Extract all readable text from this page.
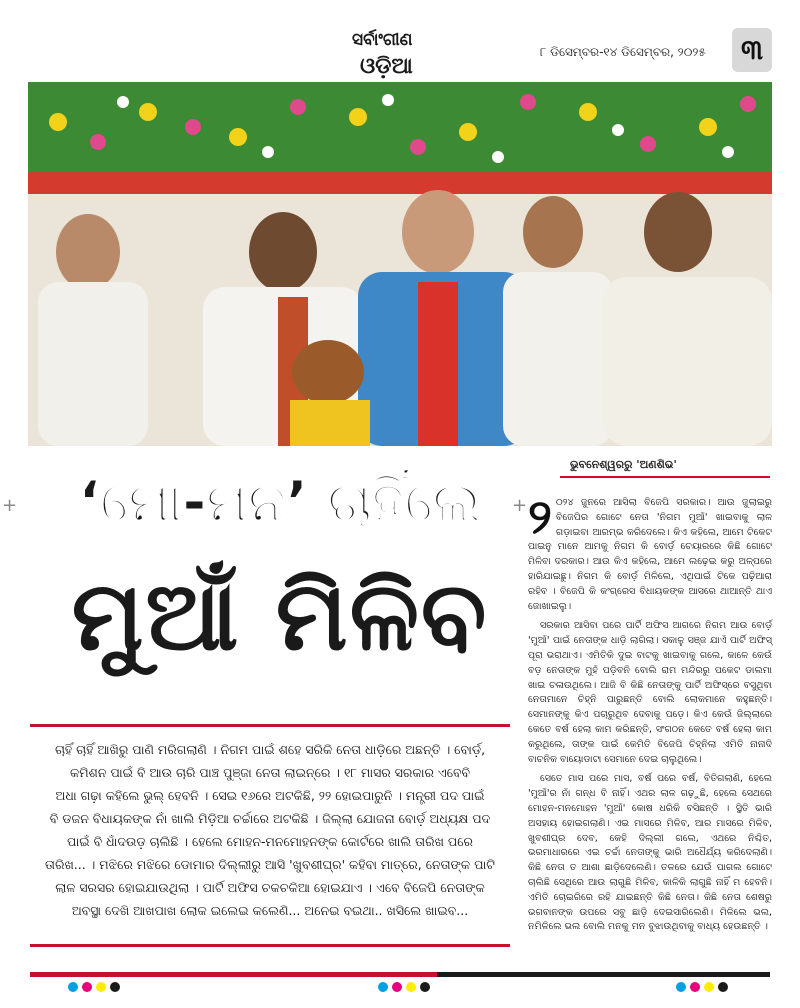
ସର୍ବାଂଗୀଣ
ଓଡ଼ିଆ
୮ ଡିସେମ୍ବର-୧୪ ଡିସେମ୍ବର, ୨୦୨୫	୩
ଭୁବନେଶ୍ୱରରୁ 'ଅଣଶିଭ'
+	+
‘ମୋ-ମନ’ ଚାହିଁଲେ
ମୁଆଁ ମିଳିବ
ଚାହିଁ ଚାହିଁ ଆଖିରୁ ପାଣି ମରିଗଲାଣି । ନିଗମ ପାଇଁ ଶହେ ସରିକି ନେତା ଧାଡ଼ିରେ ଅଛନ୍ତି । ବୋର୍ଡ଼,
କମିଶନ ପାଇଁ ବି ଆଉ ଚାରି ପାଞ୍ଚ ପୁଞ୍ଜା ନେତା ଲାଇନ୍‌ରେ । ୧୮ ମାସର ସରକାର ଏବେବି
ଅଧା ଗଢ଼ା କହିଲେ ଭୁଲ୍ ହେବନି । ସେଇ ୧୬ରେ ଅଟକିଛି, ୨୨ ହୋଇପାରୁନି । ମନ୍ତ୍ରୀ ପଦ ପାଇଁ
ବି ଡଜନ ବିଧାୟକଙ୍କ ନାଁ ଖାଲି ମିଡ଼ିଆ ଚର୍ଚ୍ଚାରେ ଅଟକିଛି । ଜିଲ୍ଲା ଯୋଜନା ବୋର୍ଡ଼ ଅଧ୍ୟକ୍ଷ ପଦ
ପାଇଁ ବି ଧାଁଦଉଡ଼ ଚାଲିଛି । ହେଲେ ମୋହନ-ମନମୋହନଙ୍କ କୋର୍ଟରେ ଖାଲି ତାରିଖ ପରେ
ତାରିଖ... । ମଝିରେ ମଝିରେ ଡୋମାର ଦିଲ୍ଲୀରୁ ଆସି 'ଖୁବଶୀଘ୍ର' କହିବା ମାତ୍ରେ, ନେତାଙ୍କ ପାଟି
ଲାଳ ସରସର ହୋଇଯାଉଥିଲା । ପାର୍ଟି ଅଫିସ ଚକଚକିଆ ହୋଇଯାଏ । ଏବେ ବିଜେପି ନେତାଙ୍କ
ଅବସ୍ଥା ଦେଖି ଆଖପାଖ ଲୋକ ଇଲେଇ କଲେଣି... ଅନେଇ ବଇଥା.. ଖସିଲେ ଖାଇବ...

୨ ୦୨୪ ଜୁନରେ ଆସିଲା ବିଜେପି ସରକାର। ଆଉ ଜୁଲାଇରୁ ବିଜେପିର ଗୋଟେ ନେତା 'ନିଗମ ମୁଆଁ' ଖାଇବାକୁ ଲାଳ ଗଡ଼ାଇବା ଆରମ୍ଭ କରିଦେଲେ। କିଏ କହିଲେ, ଆମେ ଟିକେଟ ପାଇନୁ ମାନେ ଆମକୁ ନିଗମ କି ବୋର୍ଡ଼ ଚେୟାରରେ କିଛି ଗୋଟେ ମିଳିବା ଦରକାର। ଆଉ କିଏ କହିଲେ, ଆମେ ଲଢ଼େଇ କରୁ ଅଳ୍ପରେ ହାରିଯାଇଛୁ। ନିଗମ କି ବୋର୍ଡ଼ ମିଳିଲେ, ଏଥିପାଇଁ ଟିକେ ପଢ଼ିଆରା ରହିବ । ବିଜେପି କି କଂଗ୍ରେସ ବିଧାୟକଙ୍କ ଆସରେ ଥାଆନ୍ତି ଥାଏ ଜୋଖାଇଲୁ।

ସରକାର ଆସିବା ପରେ ପାର୍ଟି ଅଫିସ ଆଗରେ ନିଗମ ଆଉ ବୋର୍ଡ଼ 'ମୁଆଁ' ପାଇଁ ନେତାଙ୍କ ଧାଡ଼ି ଲାଗିଲା। ସକାଳୁ ସଞ୍ଜ ଯାଏଁ ପାର୍ଟି ଅଫିସ୍ ପୂରା ଭରାଥାଏ। ଏମିତିକି ଦୁଇ ବାଟକୁ ଖାଇବାକୁ ଗଲେ, କାଳେ କେଉଁ ବଡ଼ ନେତାଙ୍କ ମୁହଁ ପଡ଼ିବନି ବୋଲି ରାମ ମନ୍ଦିରରୁ ପକେଟ ଡାଲମା ଖାଇ ଚଳାଉଥିଲେ। ଆଜି ବି କିଛି ନେତାଙ୍କୁ ପାର୍ଟି ଅଫିସ୍‌ରେ ବସୁଥିବା ନେତାମାନେ ଚିହ୍ନି ପାରୁଛନ୍ତି ବୋଲି ଲୋକମାନେ କହୁଛନ୍ତି। ସେମାନଙ୍କୁ କିଏ ପଚାରୁଥିବ ଦେବାକୁ ପଡ଼େ। କିଏ କେଉଁ ଜିଲ୍ଲାରେ କେତେ ବର୍ଷ ହେଲା କାମ କରିଛନ୍ତି, ସଂଗଠନ କେତେ ବର୍ଷ ହେଲା କାମ କରୁଥିଲେ, ତାଙ୍କ ପାଇଁ କେମିତି ବିଜେପି ଚିହ୍ନିଲା ଏମିତି ନାନାଦି ବାଚନିକ ବାୟୋଡାଟା ସେମାନେ ଦେଇ ଚାଲୁଥିଲେ।

ସେତେ ମାସ ପରେ ମାସ, ବର୍ଷ ପରେ ବର୍ଷ, ବିତିଗଲାଣି, ହେଲେ 'ମୁଆଁ'ର ନାଁ ଗନ୍ଧ ବି ନାହିଁ। ଏଥର ଲାଳ ଗଢ଼ୁଛି, ହେଲେ ସେଥରେ ମୋହନ-ମନମୋହନ 'ମୁଆଁ' କୋଷ ଧରିକି ବସିଛନ୍ତି । ସ୍ଥିତି ଭାରି ଅସହାୟ ହୋଇଗଲାଣି। ଏଇ ମାସରେ ମିଳିବ, ଆର ମାସରେ ମିଳିବ, ଖୁବଶୀଘ୍ର ଦେବ, କେହି ଦିଲ୍ଲୀ ଗଲେ, ଏଥରେ ନିଶ୍ଚିତ, ଭରମାଧାରରେ ଏଇ ଚର୍ଚ୍ଚା ନେତାଙ୍କୁ ଭାରି ଅଧୈର୍ଯ୍ୟ କରିଦେଲାଣି। କିଛି ନେତା ତ ଆଶା ଛାଡ଼ିଦେଲେଣି। ତଳରେ ଯେଉଁ ପାଗଲ ଗୋଟେ ଚାଲିଛି ସେଥିରେ ଆଉ ଲାଗୁଛି ମିଳିବ, କାଳିକି ଲାଗୁଛି ନାହିଁ ମ ହେବନି। ଏମିତି ଚୋଇରିରେ ରହି ଯାଇଛନ୍ତି କିଛି ନେତା। କିଛି ନେତା ଶେଷରୁ ଭଗବାନଙ୍କ ଉପରେ ସବୁ ଛାଡ଼ି ଦେଇସାରିଲେଣି। ମିଳିଲେ ଭଲ, ନମିଳିଲେ ଭଲ ବୋଲି ମନକୁ ମନ ବୁଝାଉଥିବାକୁ ବାଧ୍ୟ ହେଉଛନ୍ତି ।
